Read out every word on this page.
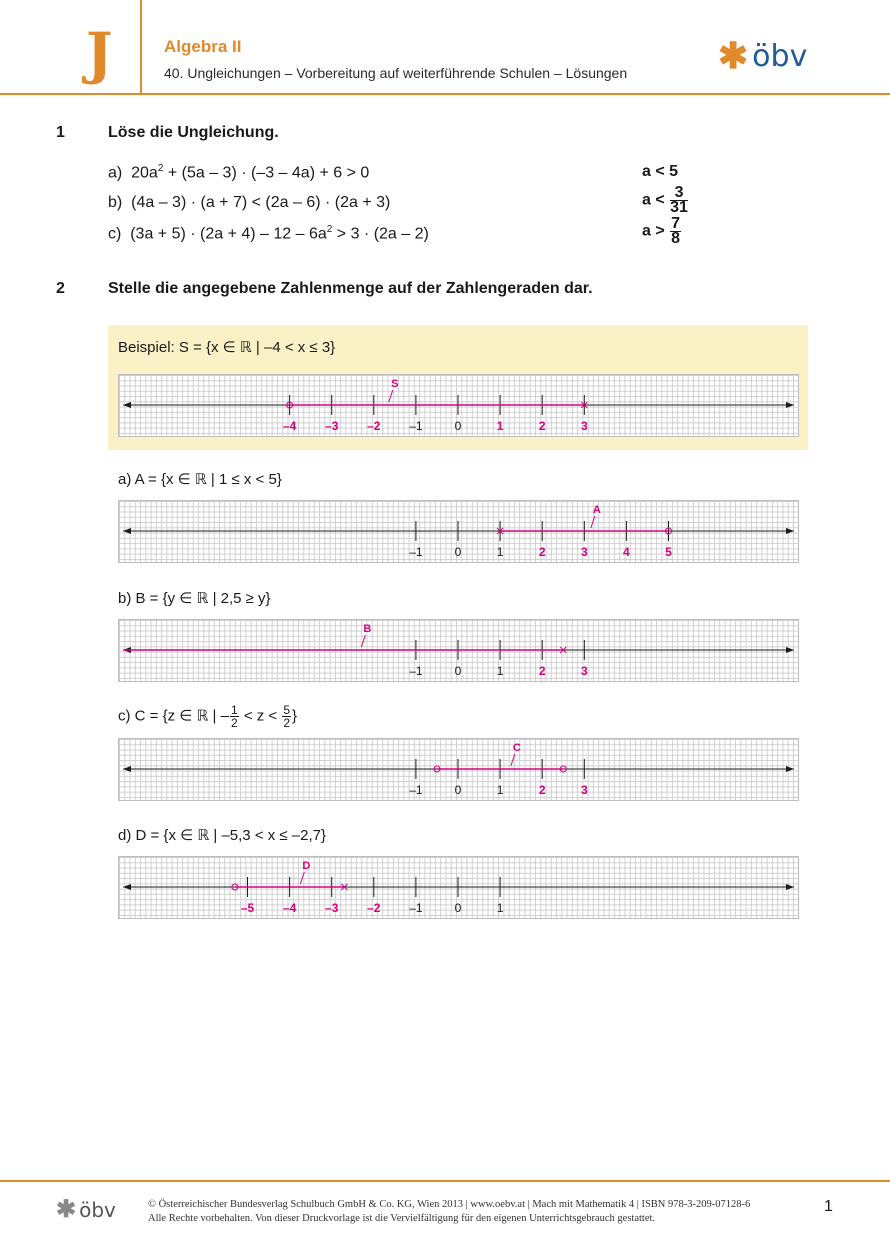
J	Algebra II
40. Ungleichungen – Vorbereitung auf weiterführende Schulen – Lösungen	✱ öbv
1	Löse die Ungleichung.
a) $20a^2 + (5a - 3) \cdot (-3 - 4a) + 6 > 0$	a < 5
b) (4a – 3) · (a + 7) < (2a – 6) · (2a + 3)	$a < \frac{3}{31}$
c) $(3a + 5) \cdot (2a + 4) - 12 - 6a^2 > 3 \cdot (2a - 2)$	$a > \frac{7}{8}$
2	Stelle die angegebene Zahlenmenge auf der Zahlengeraden dar.
Beispiel: S = {x ∈ ℝ | –4 < x ≤ 3}
–4 –3 –2 –1	0	1	2	3
S
a) A = {x ∈ ℝ | 1 ≤ x < 5}
–1	0	1	2	3	4	5
A
b) B = {y ∈ ℝ | 2,5 ≥ y}
–1	0	1	2	3
B
c) C = {z ∈ ℝ | – $\frac{1}{2} < z < \frac{5}{2}$ }
–1	0	1	2	3
C
d) D = {x ∈ ℝ | –5,3 < x ≤ –2,7}
–5 –4 –3 –2 –1	0	1
D
✱ öbv	© Österreichischer Bundesverlag Schulbuch GmbH & Co. KG, Wien 2013 | www.oebv.at | Mach mit Mathematik 4 | ISBN 978-3-209-07128-6
Alle Rechte vorbehalten. Von dieser Druckvorlage ist die Vervielfältigung für den eigenen Unterrichtsgebrauch gestattet.
1
